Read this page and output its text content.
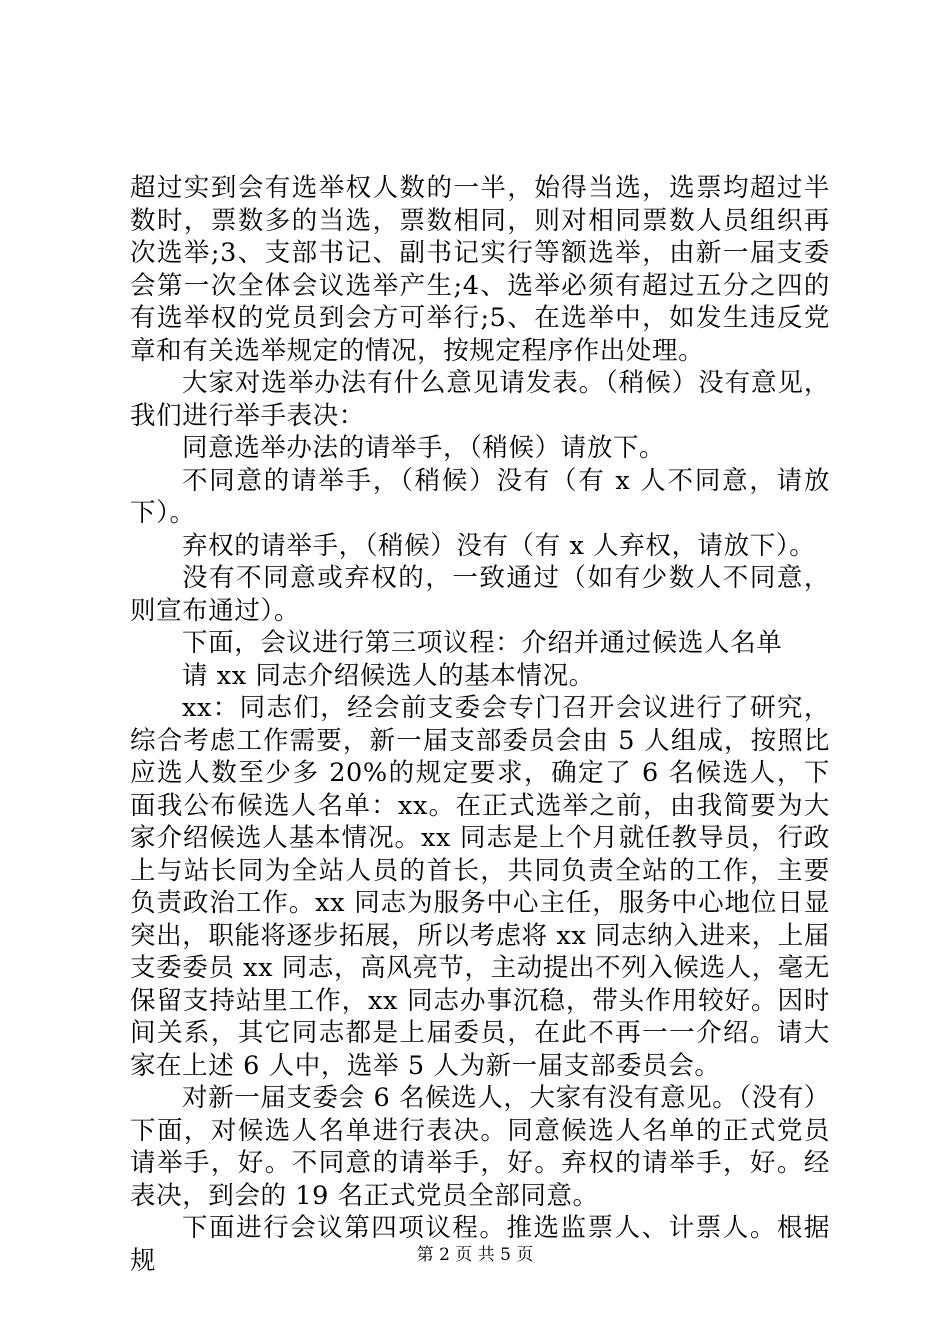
超过实到会有选举权人数的一半，始得当选，选票均超过半数时，票数多的当选，票数相同，则对相同票数人员组织再次选举;3、支部书记、副书记实行等额选举，由新一届支委会第一次全体会议选举产生;4、选举必须有超过五分之四的有选举权的党员到会方可举行;5、在选举中，如发生违反党章和有关选举规定的情况，按规定程序作出处理。

大家对选举办法有什么意见请发表。（稍候）没有意见，我们进行举手表决：

同意选举办法的请举手，（稍候）请放下。

不同意的请举手，（稍候）没有（有 x 人不同意，请放下）。

弃权的请举手，（稍候）没有（有 x 人弃权，请放下）。

没有不同意或弃权的，一致通过（如有少数人不同意，则宣布通过）。

下面，会议进行第三项议程：介绍并通过候选人名单

请 xx 同志介绍候选人的基本情况。

xx：同志们，经会前支委会专门召开会议进行了研究，综合考虑工作需要，新一届支部委员会由 5 人组成，按照比应选人数至少多 20%的规定要求，确定了 6 名候选人，下面我公布候选人名单：xx。在正式选举之前，由我简要为大家介绍候选人基本情况。xx 同志是上个月就任教导员，行政上与站长同为全站人员的首长，共同负责全站的工作，主要负责政治工作。xx 同志为服务中心主任，服务中心地位日显突出，职能将逐步拓展，所以考虑将 xx 同志纳入进来，上届支委委员 xx 同志，高风亮节，主动提出不列入候选人，毫无保留支持站里工作，xx 同志办事沉稳，带头作用较好。因时间关系，其它同志都是上届委员，在此不再一一介绍。请大家在上述 6 人中，选举 5 人为新一届支部委员会。

对新一届支委会 6 名候选人，大家有没有意见。（没有）下面，对候选人名单进行表决。同意候选人名单的正式党员请举手，好。不同意的请举手，好。弃权的请举手，好。经表决，到会的 19 名正式党员全部同意。

下面进行会议第四项议程。推选监票人、计票人。根据规	第 2 页 共 5 页
